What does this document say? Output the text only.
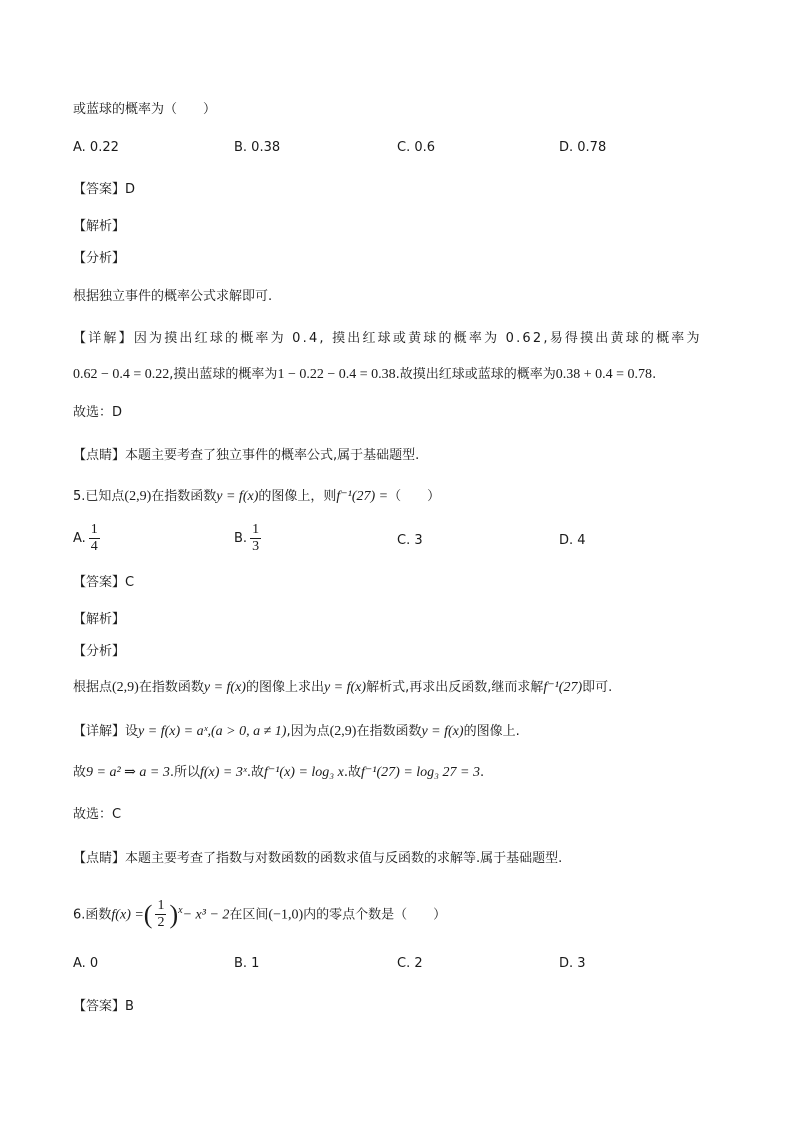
或蓝球的概率为（　　）
A. 0.22	B. 0.38	C. 0.6	D. 0.78
【答案】D
【解析】
【分析】
根据独立事件的概率公式求解即可.
【详解】因为摸出红球的概率为 0.4, 摸出红球或黄球的概率为 0.62,易得摸出黄球的概率为
0.62 − 0.4 = 0.22,摸出蓝球的概率为1 − 0.22 − 0.4 = 0.38.故摸出红球或蓝球的概率为0.38 + 0.4 = 0.78.
故选：D
【点睛】本题主要考查了独立事件的概率公式,属于基础题型.
5.已知点(2,9)在指数函数y = f(x)的图像上，则f⁻¹(27) =（　　）
A. $\frac{1}{4}$	B. $\frac{1}{3}$	C. 3	D. 4
【答案】C
【解析】
【分析】
根据点(2,9)在指数函数y = f(x)的图像上求出y = f(x)解析式,再求出反函数,继而求解f⁻¹(27)即可.
【详解】设y = f(x) = aˣ,(a > 0, a ≠ 1),因为点(2,9)在指数函数y = f(x)的图像上.
故9 = a² ⇒ a = 3.所以f(x) = 3ˣ.故f⁻¹(x) = log₃ x.故f⁻¹(27) = log₃ 27 = 3.
故选：C
【点睛】本题主要考查了指数与对数函数的函数求值与反函数的求解等.属于基础题型.
6.函数f(x) =( $\frac{1}{2} )^x- x^3 - 2$在区间(−1,0)内的零点个数是（　　）
A. 0	B. 1	C. 2	D. 3
【答案】B
